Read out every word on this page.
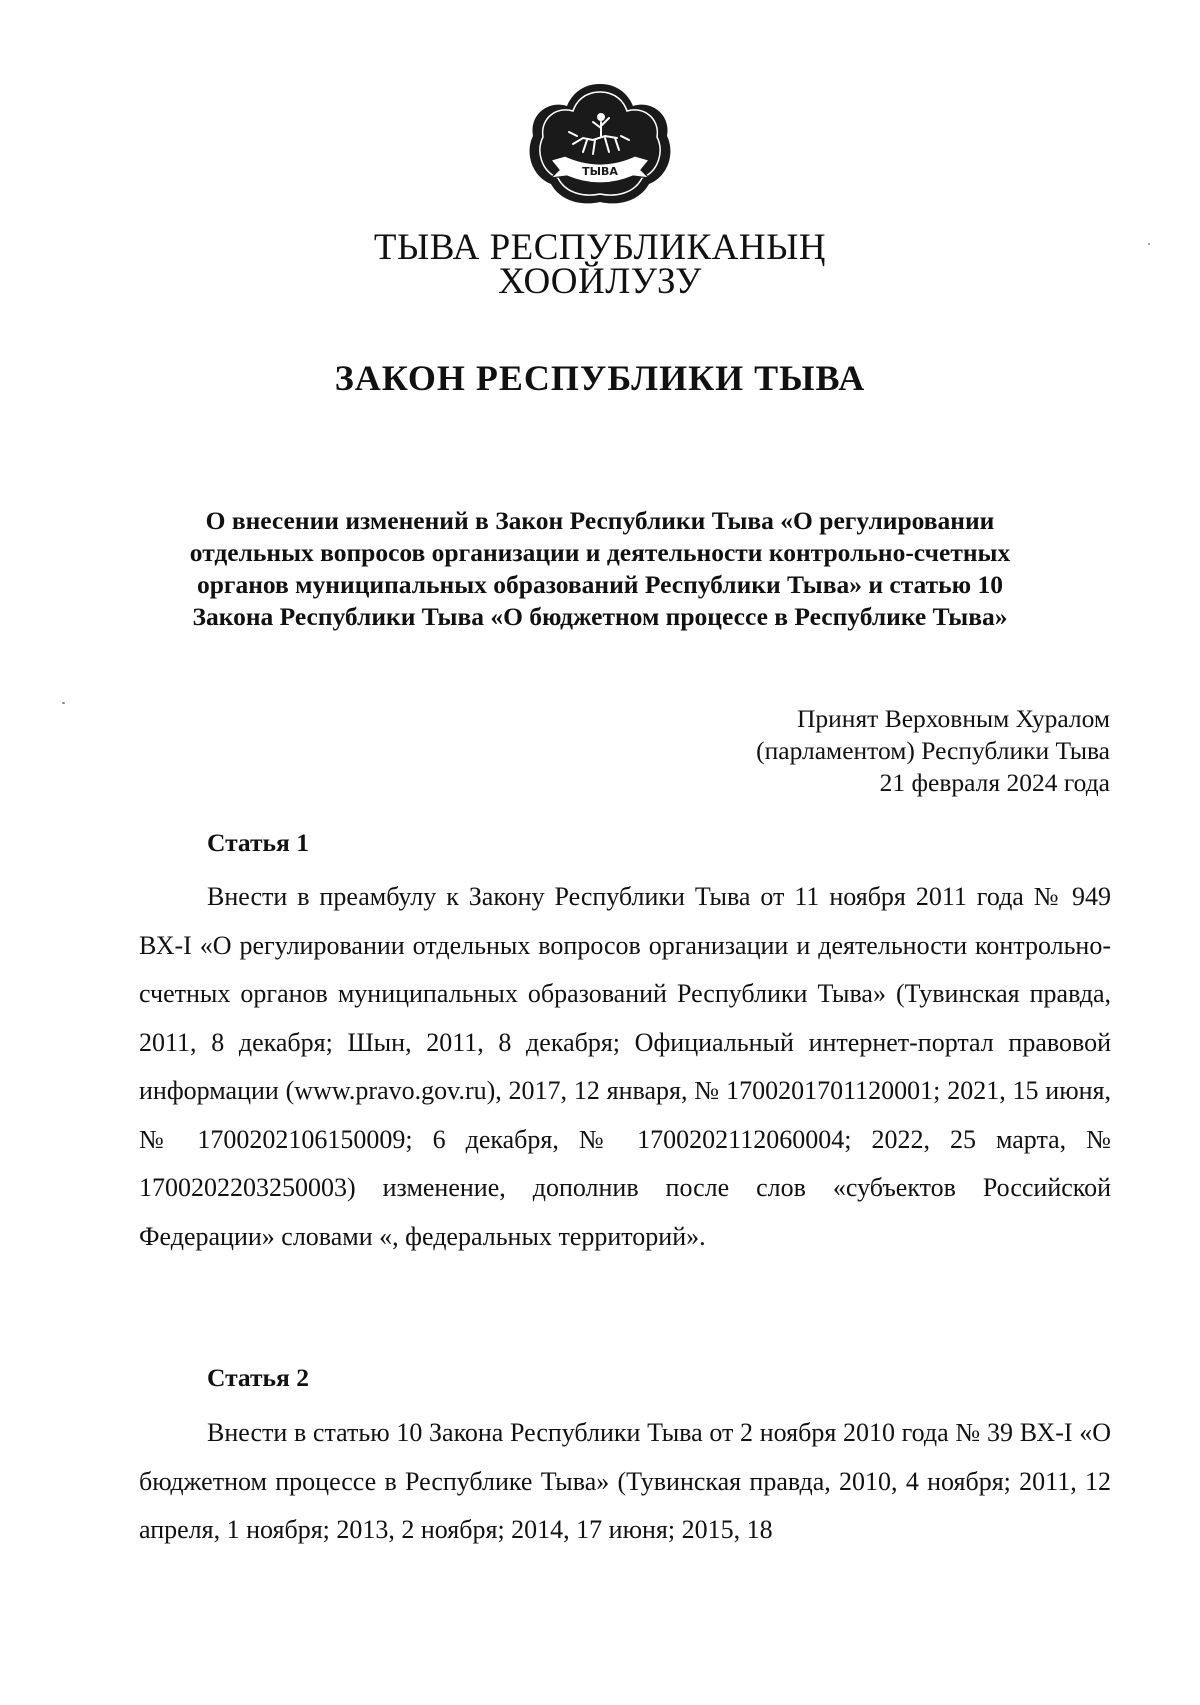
ТЫВА
ТЫВА РЕСПУБЛИКАНЫҢ
ХООЙЛУЗУ
ЗАКОН РЕСПУБЛИКИ ТЫВА
О внесении изменений в Закон Республики Тыва «О регулировании
отдельных вопросов организации и деятельности контрольно-счетных
органов муниципальных образований Республики Тыва» и статью 10
Закона Республики Тыва «О бюджетном процессе в Республике Тыва»
Принят Верховным Хуралом
(парламентом) Республики Тыва
21 февраля 2024 года
Статья 1

Внести в преамбулу к Закону Республики Тыва от 11 ноября 2011 года № 949 ВХ-I «О регулировании отдельных вопросов организации и деятельности контрольно-счетных органов муниципальных образований Республики Тыва» (Тувинская правда, 2011, 8 декабря; Шын, 2011, 8 декабря; Официальный интернет-портал правовой информации (www.pravo.gov.ru), 2017, 12 января, № 1700201701120001; 2021, 15 июня, № 1700202106150009; 6 декабря, № 1700202112060004; 2022, 25 марта, № 1700202203250003) изменение, дополнив после слов «субъектов Российской Федерации» словами «, федеральных территорий».

Статья 2

Внести в статью 10 Закона Республики Тыва от 2 ноября 2010 года № 39 ВХ-I «О бюджетном процессе в Республике Тыва» (Тувинская правда, 2010, 4 ноября; 2011, 12 апреля, 1 ноября; 2013, 2 ноября; 2014, 17 июня; 2015, 18
